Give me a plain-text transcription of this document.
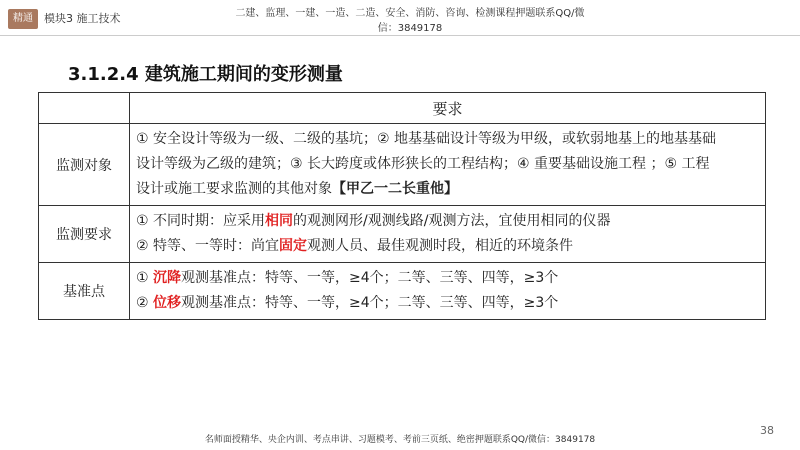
精通	模块3 施工技术	二建、监理、一建、一造、二造、安全、消防、咨询、检测课程押题联系QQ/微信：3849178
3.1.2.4 建筑施工期间的变形测量
	要求
监测对象	① 安全设计等级为一级、二级的基坑；② 地基基础设计等级为甲级，或软弱地基上的地基基础
设计等级为乙级的建筑；③ 长大跨度或体形狭长的工程结构；④ 重要基础设施工程 ；⑤ 工程
设计或施工要求监测的其他对象【甲乙一二长重他】

监测要求	① 不同时期：应采用相同的观测网形/观测线路/观测方法，宜使用相同的仪器
② 特等、一等时：尚宜固定观测人员、最佳观测时段，相近的环境条件

基准点	① 沉降观测基准点：特等、一等，≥4个；二等、三等、四等，≥3个
② 位移观测基准点：特等、一等，≥4个；二等、三等、四等，≥3个
38
名师面授精华、央企内训、考点串讲、习题模考、考前三页纸、绝密押题联系QQ/微信：3849178
